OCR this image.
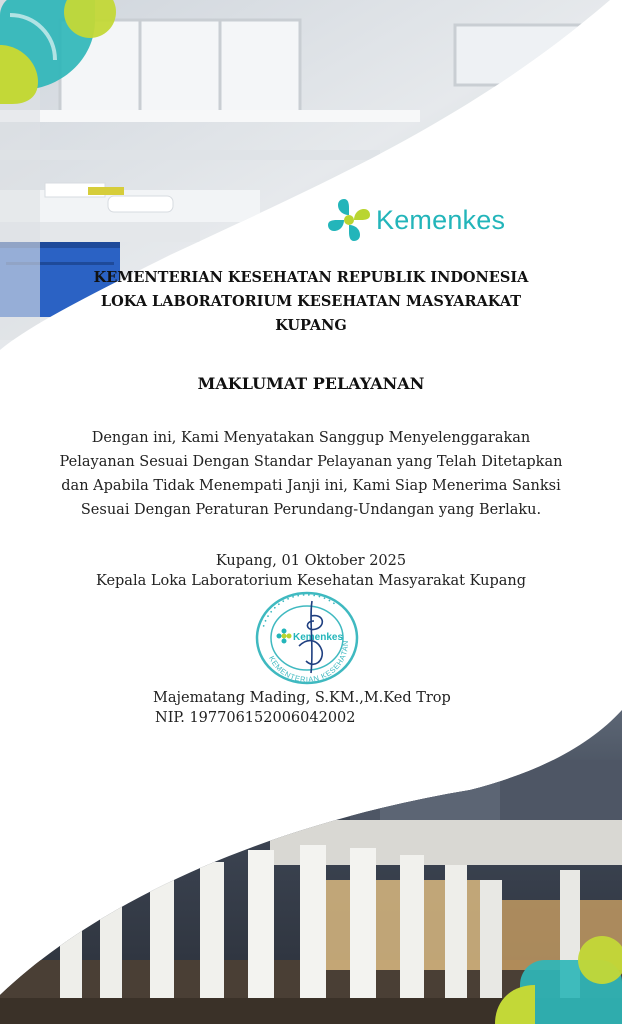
Kemenkes
KEMENTERIAN KESEHATAN REPUBLIK INDONESIA
LOKA LABORATORIUM KESEHATAN MASYARAKAT
KUPANG
MAKLUMAT PELAYANAN
Dengan ini, Kami Menyatakan Sanggup Menyelenggarakan
Pelayanan Sesuai Dengan Standar Pelayanan yang Telah Ditetapkan
dan Apabila Tidak Menempati Janji ini, Kami Siap Menerima Sanksi
Sesuai Dengan Peraturan Perundang-Undangan yang Berlaku.
Kupang, 01 Oktober 2025
Kepala Loka Laboratorium Kesehatan Masyarakat Kupang
• • • • • • • • • • • • • • • • •
KEMENTERIAN KESEHATAN
Kemenkes
Majematang Mading, S.KM.,M.Ked Trop
NIP. 197706152006042002
